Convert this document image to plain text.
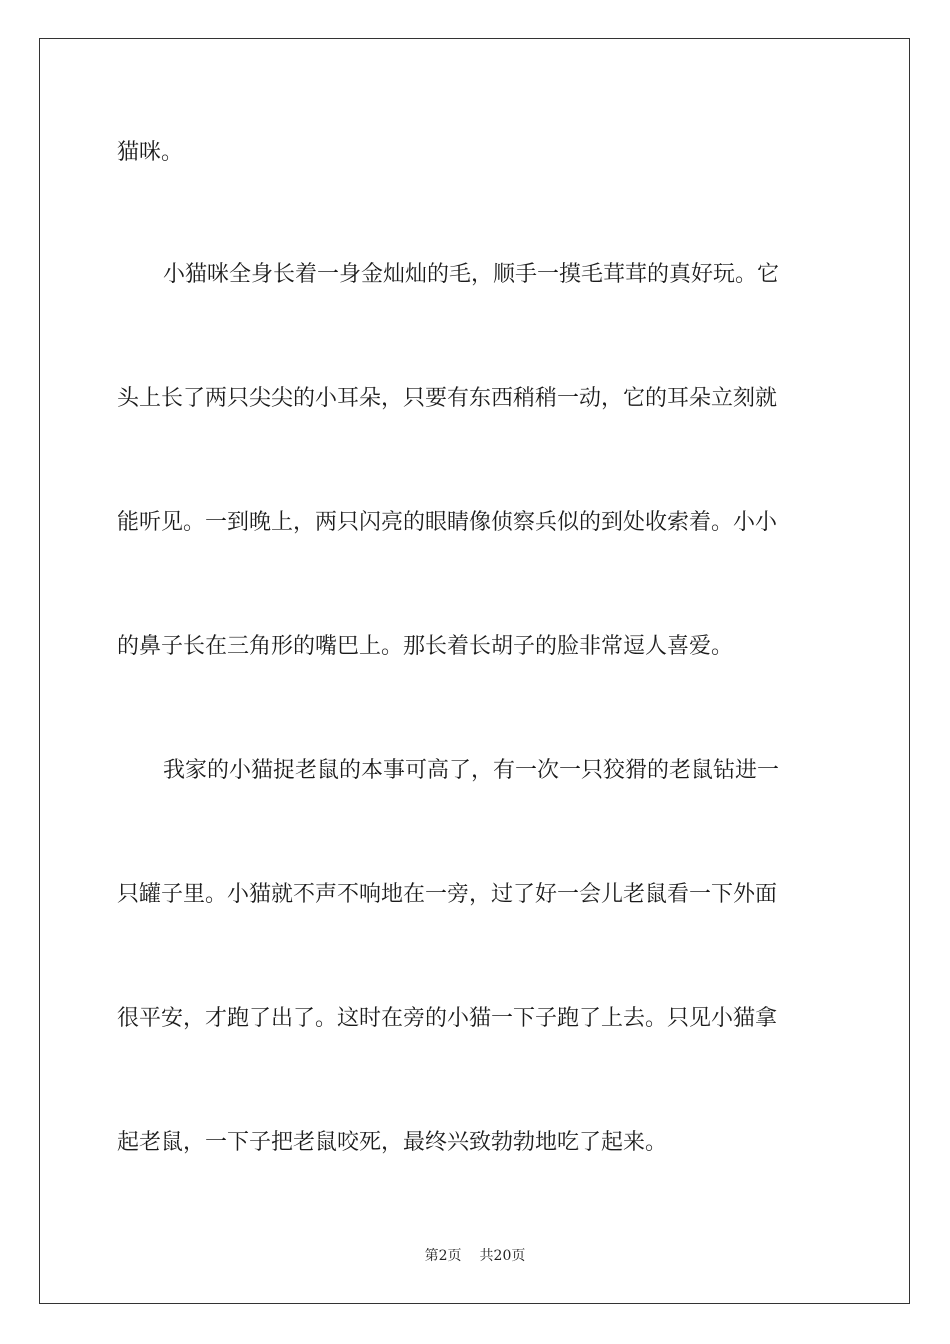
猫咪。
小猫咪全身长着一身金灿灿的毛，顺手一摸毛茸茸的真好玩。它
头上长了两只尖尖的小耳朵，只要有东西稍稍一动，它的耳朵立刻就
能听见。一到晚上，两只闪亮的眼睛像侦察兵似的到处收索着。小小
的鼻子长在三角形的嘴巴上。那长着长胡子的脸非常逗人喜爱。
我家的小猫捉老鼠的本事可高了，有一次一只狡猾的老鼠钻进一
只罐子里。小猫就不声不响地在一旁，过了好一会儿老鼠看一下外面
很平安，才跑了出了。这时在旁的小猫一下子跑了上去。只见小猫拿
起老鼠，一下子把老鼠咬死，最终兴致勃勃地吃了起来。
第2页 共20页
